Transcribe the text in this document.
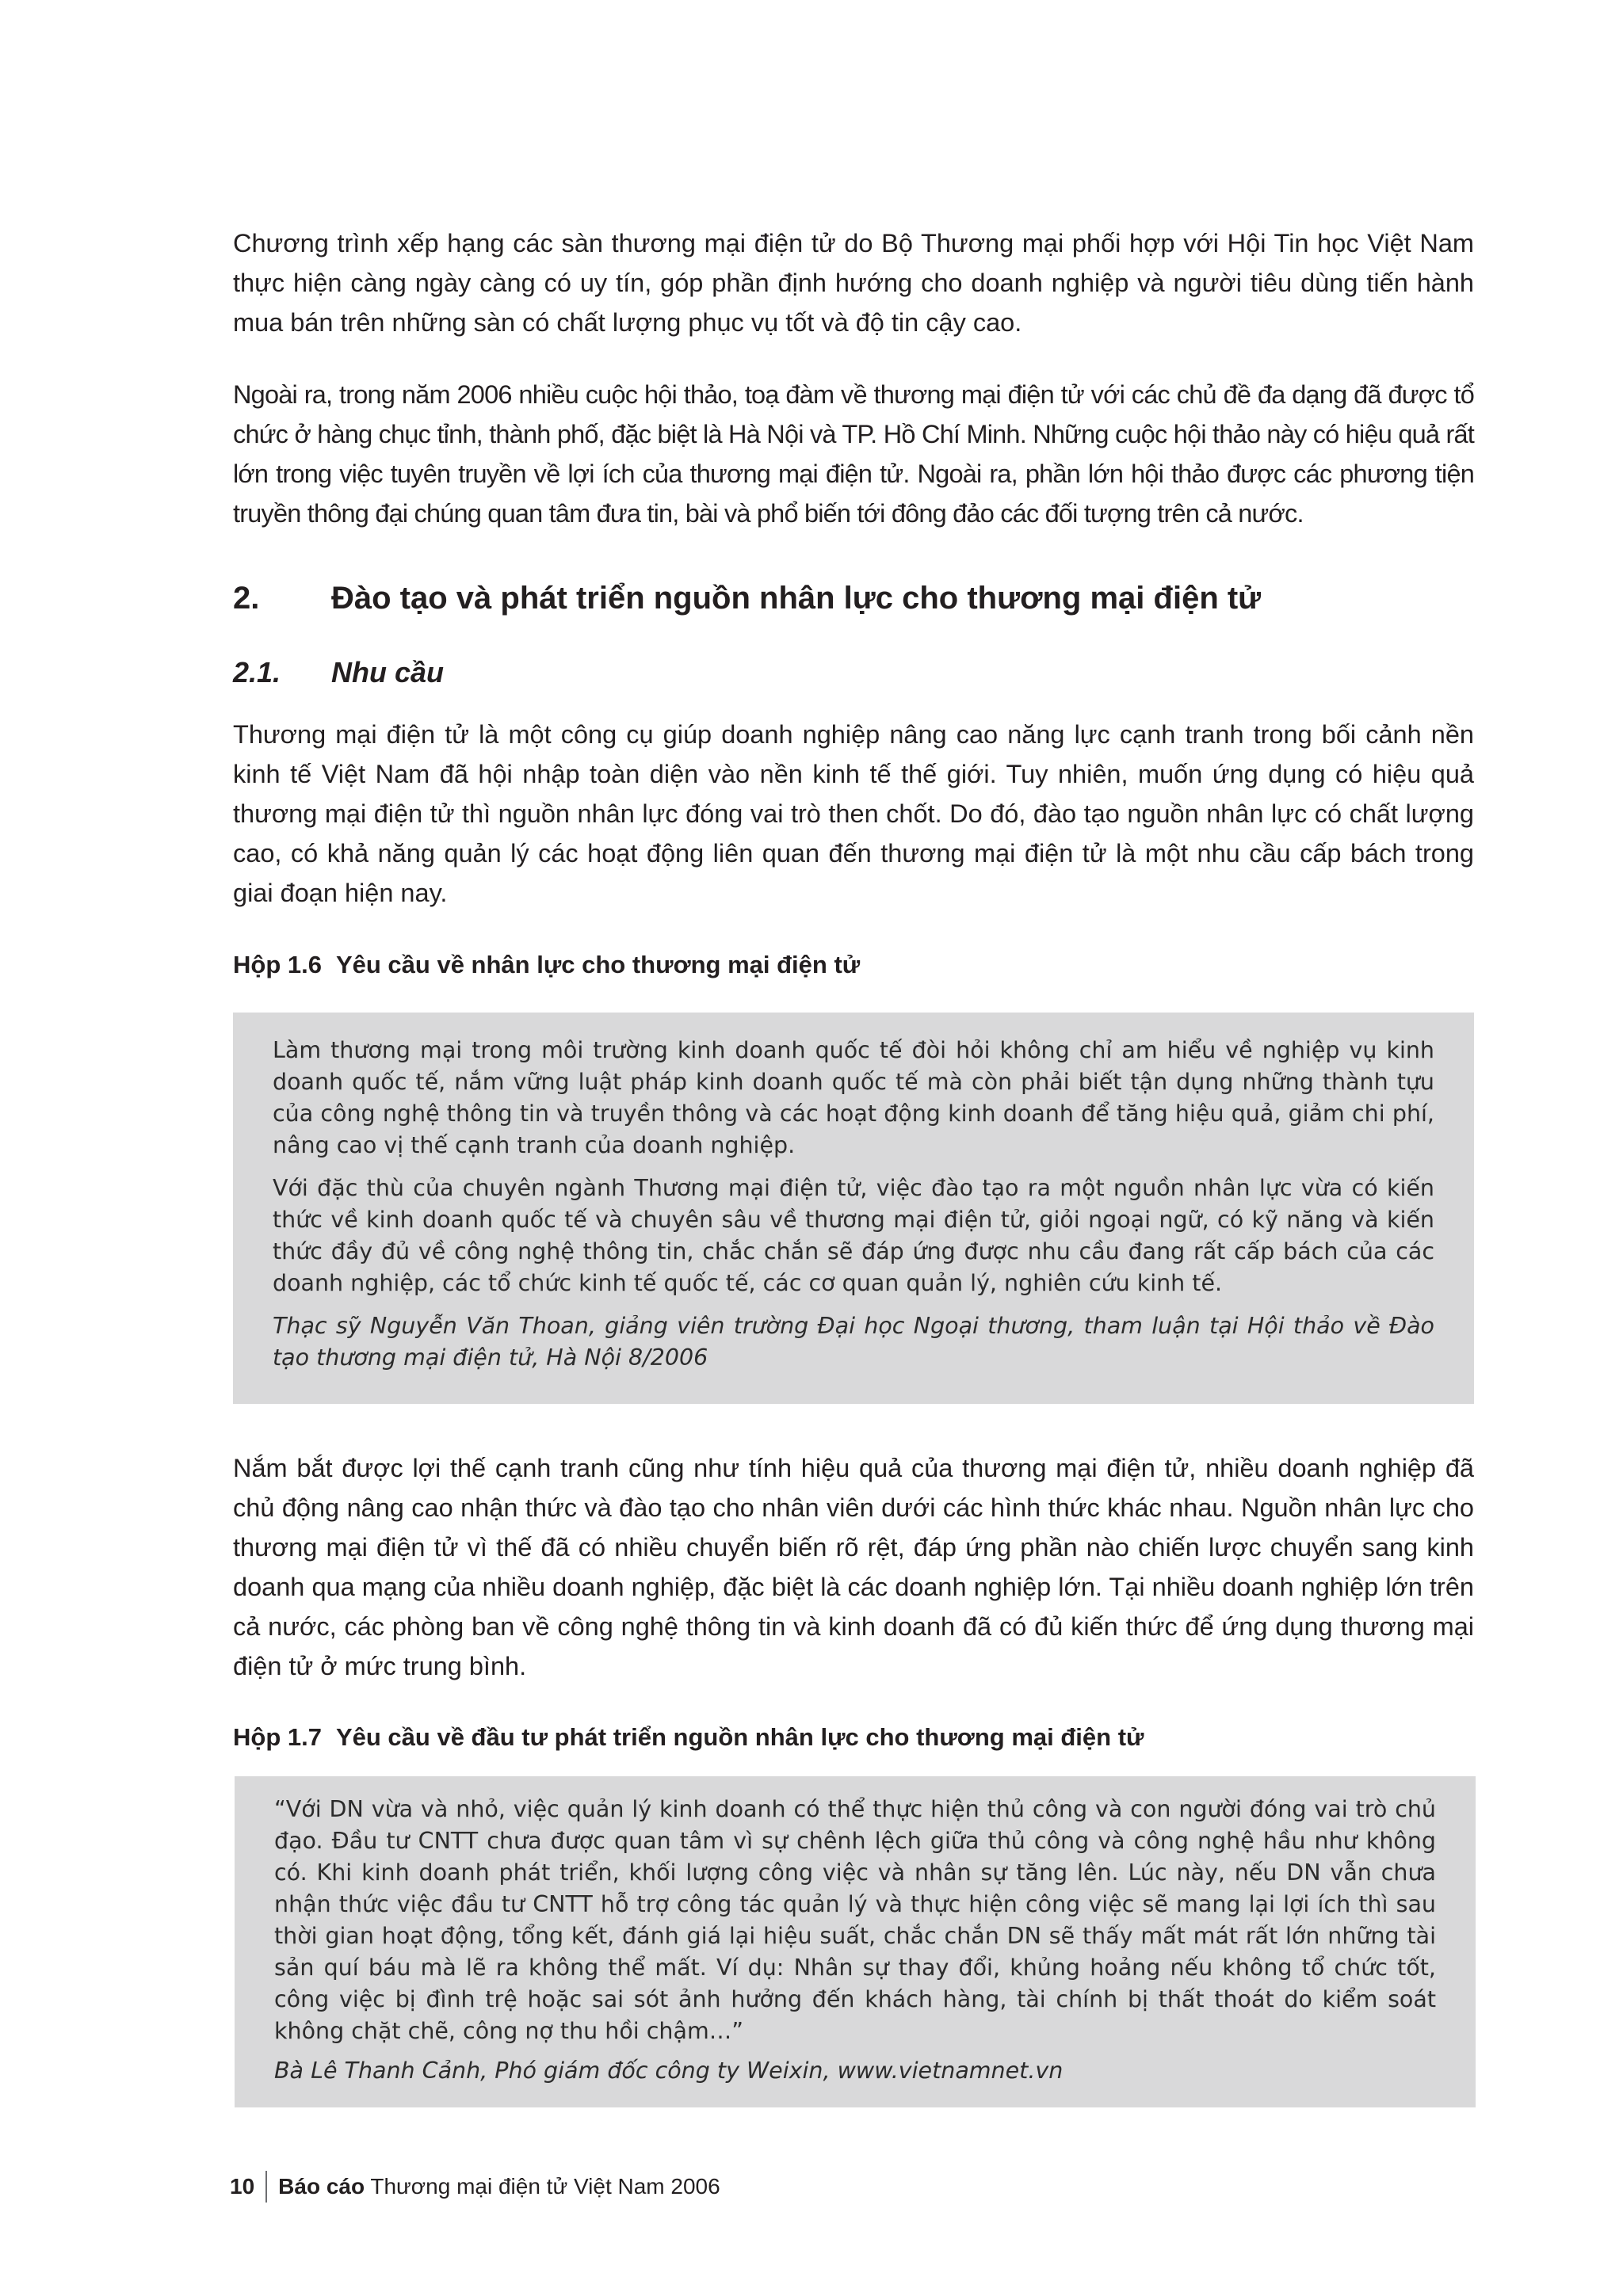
Chương trình xếp hạng các sàn thương mại điện tử do Bộ Thương mại phối hợp với Hội Tin học Việt Nam thực hiện càng ngày càng có uy tín, góp phần định hướng cho doanh nghiệp và người tiêu dùng tiến hành mua bán trên những sàn có chất lượng phục vụ tốt và độ tin cậy cao.

Ngoài ra, trong năm 2006 nhiều cuộc hội thảo, toạ đàm về thương mại điện tử với các chủ đề đa dạng đã được tổ chức ở hàng chục tỉnh, thành phố, đặc biệt là Hà Nội và TP. Hồ Chí Minh. Những cuộc hội thảo này có hiệu quả rất lớn trong việc tuyên truyền về lợi ích của thương mại điện tử. Ngoài ra, phần lớn hội thảo được các phương tiện truyền thông đại chúng quan tâm đưa tin, bài và phổ biến tới đông đảo các đối tượng trên cả nước.

2. Đào tạo và phát triển nguồn nhân lực cho thương mại điện tử
2.1. Nhu cầu

Thương mại điện tử là một công cụ giúp doanh nghiệp nâng cao năng lực cạnh tranh trong bối cảnh nền kinh tế Việt Nam đã hội nhập toàn diện vào nền kinh tế thế giới. Tuy nhiên, muốn ứng dụng có hiệu quả thương mại điện tử thì nguồn nhân lực đóng vai trò then chốt. Do đó, đào tạo nguồn nhân lực có chất lượng cao, có khả năng quản lý các hoạt động liên quan đến thương mại điện tử là một nhu cầu cấp bách trong giai đoạn hiện nay.

Hộp 1.6 Yêu cầu về nhân lực cho thương mại điện tử

Làm thương mại trong môi trường kinh doanh quốc tế đòi hỏi không chỉ am hiểu về nghiệp vụ kinh doanh quốc tế, nắm vững luật pháp kinh doanh quốc tế mà còn phải biết tận dụng những thành tựu của công nghệ thông tin và truyền thông và các hoạt động kinh doanh để tăng hiệu quả, giảm chi phí, nâng cao vị thế cạnh tranh của doanh nghiệp.

Với đặc thù của chuyên ngành Thương mại điện tử, việc đào tạo ra một nguồn nhân lực vừa có kiến thức về kinh doanh quốc tế và chuyên sâu về thương mại điện tử, giỏi ngoại ngữ, có kỹ năng và kiến thức đầy đủ về công nghệ thông tin, chắc chắn sẽ đáp ứng được nhu cầu đang rất cấp bách của các doanh nghiệp, các tổ chức kinh tế quốc tế, các cơ quan quản lý, nghiên cứu kinh tế.

Thạc sỹ Nguyễn Văn Thoan, giảng viên trường Đại học Ngoại thương, tham luận tại Hội thảo về Đào tạo thương mại điện tử, Hà Nội 8/2006

Nắm bắt được lợi thế cạnh tranh cũng như tính hiệu quả của thương mại điện tử, nhiều doanh nghiệp đã chủ động nâng cao nhận thức và đào tạo cho nhân viên dưới các hình thức khác nhau. Nguồn nhân lực cho thương mại điện tử vì thế đã có nhiều chuyển biến rõ rệt, đáp ứng phần nào chiến lược chuyển sang kinh doanh qua mạng của nhiều doanh nghiệp, đặc biệt là các doanh nghiệp lớn. Tại nhiều doanh nghiệp lớn trên cả nước, các phòng ban về công nghệ thông tin và kinh doanh đã có đủ kiến thức để ứng dụng thương mại điện tử ở mức trung bình.

Hộp 1.7 Yêu cầu về đầu tư phát triển nguồn nhân lực cho thương mại điện tử

“Với DN vừa và nhỏ, việc quản lý kinh doanh có thể thực hiện thủ công và con người đóng vai trò chủ đạo. Đầu tư CNTT chưa được quan tâm vì sự chênh lệch giữa thủ công và công nghệ hầu như không có. Khi kinh doanh phát triển, khối lượng công việc và nhân sự tăng lên. Lúc này, nếu DN vẫn chưa nhận thức việc đầu tư CNTT hỗ trợ công tác quản lý và thực hiện công việc sẽ mang lại lợi ích thì sau thời gian hoạt động, tổng kết, đánh giá lại hiệu suất, chắc chắn DN sẽ thấy mất mát rất lớn những tài sản quí báu mà lẽ ra không thể mất. Ví dụ: Nhân sự thay đổi, khủng hoảng nếu không tổ chức tốt, công việc bị đình trệ hoặc sai sót ảnh hưởng đến khách hàng, tài chính bị thất thoát do kiểm soát không chặt chẽ, công nợ thu hồi chậm…”

Bà Lê Thanh Cảnh, Phó giám đốc công ty Weixin, www.vietnamnet.vn

10 Báo cáo Thương mại điện tử Việt Nam 2006
